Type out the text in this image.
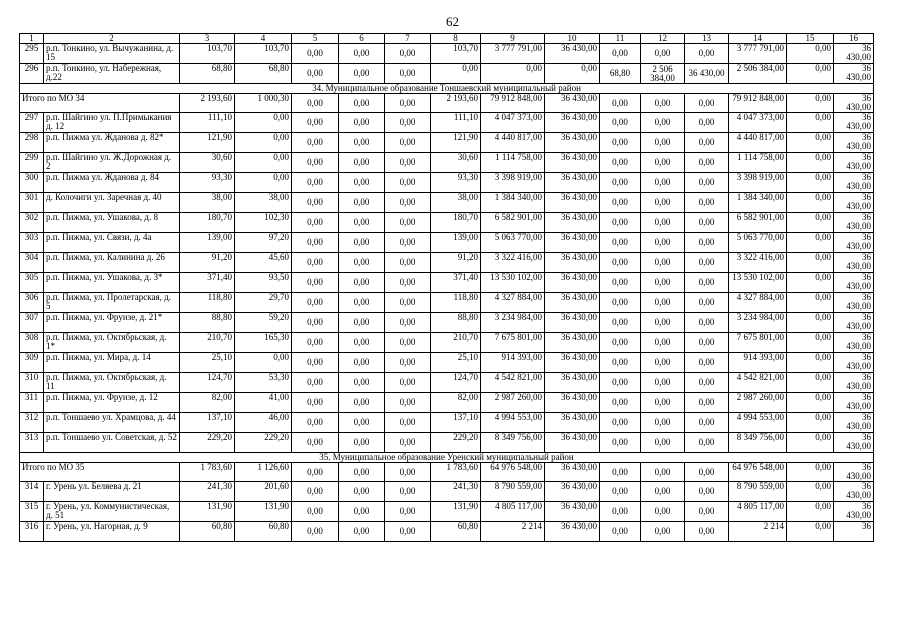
62
1	2	3	4	5	6	7	8	9	10	11	12	13	14	15	16
295	р.п. Тонкино, ул. Вычужанина, д. 15	103,70	103,70	0,00	0,00	0,00	103,70	3 777 791,00	36 430,00	0,00	0,00	0,00	3 777 791,00	0,00	36 430,00
296	р.п. Тонкино, ул. Набережная, д.22	68,80	68,80	0,00	0,00	0,00	0,00	0,00	0,00	68,80	2 506 384,00	36 430,00	2 506 384,00	0,00	36 430,00
34. Муниципальное образование Тоншаевский муниципальный район															
Итого по МО 34		2 193,60	1 000,30	0,00	0,00	0,00	2 193,60	79 912 848,00	36 430,00	0,00	0,00	0,00	79 912 848,00	0,00	36 430,00
297	р.п. Шайгино ул. П.Примыкания д. 12	111,10	0,00	0,00	0,00	0,00	111,10	4 047 373,00	36 430,00	0,00	0,00	0,00	4 047 373,00	0,00	36 430,00
298	р.п. Пижма ул. Жданова д. 82*	121,90	0,00	0,00	0,00	0,00	121,90	4 440 817,00	36 430,00	0,00	0,00	0,00	4 440 817,00	0,00	36 430,00
299	р.п. Шайгино ул. Ж.Дорожная д. 2	30,60	0,00	0,00	0,00	0,00	30,60	1 114 758,00	36 430,00	0,00	0,00	0,00	1 114 758,00	0,00	36 430,00
300	р.п. Пижма ул. Жданова д. 84	93,30	0,00	0,00	0,00	0,00	93,30	3 398 919,00	36 430,00	0,00	0,00	0,00	3 398 919,00	0,00	36 430,00
301	д. Колочиги ул. Заречная д. 40	38,00	38,00	0,00	0,00	0,00	38,00	1 384 340,00	36 430,00	0,00	0,00	0,00	1 384 340,00	0,00	36 430,00
302	р.п. Пижма, ул. Ушакова, д. 8	180,70	102,30	0,00	0,00	0,00	180,70	6 582 901,00	36 430,00	0,00	0,00	0,00	6 582 901,00	0,00	36 430,00
303	р.п. Пижма, ул. Связи, д. 4а	139,00	97,20	0,00	0,00	0,00	139,00	5 063 770,00	36 430,00	0,00	0,00	0,00	5 063 770,00	0,00	36 430,00
304	р.п. Пижма, ул. Калинина д. 26	91,20	45,60	0,00	0,00	0,00	91,20	3 322 416,00	36 430,00	0,00	0,00	0,00	3 322 416,00	0,00	36 430,00
305	р.п. Пижма, ул. Ушакова, д. 3*	371,40	93,50	0,00	0,00	0,00	371,40	13 530 102,00	36 430,00	0,00	0,00	0,00	13 530 102,00	0,00	36 430,00
306	р.п. Пижма, ул. Пролетарская, д. 5	118,80	29,70	0,00	0,00	0,00	118,80	4 327 884,00	36 430,00	0,00	0,00	0,00	4 327 884,00	0,00	36 430,00
307	р.п. Пижма, ул. Фрунзе, д. 21*	88,80	59,20	0,00	0,00	0,00	88,80	3 234 984,00	36 430,00	0,00	0,00	0,00	3 234 984,00	0,00	36 430,00
308	р.п. Пижма, ул. Октябрьская, д. 1*	210,70	165,30	0,00	0,00	0,00	210,70	7 675 801,00	36 430,00	0,00	0,00	0,00	7 675 801,00	0,00	36 430,00
309	р.п. Пижма, ул. Мира, д. 14	25,10	0,00	0,00	0,00	0,00	25,10	914 393,00	36 430,00	0,00	0,00	0,00	914 393,00	0,00	36 430,00
310	р.п. Пижма, ул. Октябрьская, д. 11	124,70	53,30	0,00	0,00	0,00	124,70	4 542 821,00	36 430,00	0,00	0,00	0,00	4 542 821,00	0,00	36 430,00
311	р.п. Пижма, ул. Фрунзе, д. 12	82,00	41,00	0,00	0,00	0,00	82,00	2 987 260,00	36 430,00	0,00	0,00	0,00	2 987 260,00	0,00	36 430,00
312	р.п. Тоншаево ул. Храмцова, д. 44	137,10	46,00	0,00	0,00	0,00	137,10	4 994 553,00	36 430,00	0,00	0,00	0,00	4 994 553,00	0,00	36 430,00
313	р.п. Тоншаево ул. Советская, д. 52	229,20	229,20	0,00	0,00	0,00	229,20	8 349 756,00	36 430,00	0,00	0,00	0,00	8 349 756,00	0,00	36 430,00
35. Муниципальное образование Уренский муниципальный район															
Итого по МО 35		1 783,60	1 126,60	0,00	0,00	0,00	1 783,60	64 976 548,00	36 430,00	0,00	0,00	0,00	64 976 548,00	0,00	36 430,00
314	г. Урень ул. Беляева д. 21	241,30	201,60	0,00	0,00	0,00	241,30	8 790 559,00	36 430,00	0,00	0,00	0,00	8 790 559,00	0,00	36 430,00
315	г. Урень, ул. Коммунистическая, д. 51	131,90	131,90	0,00	0,00	0,00	131,90	4 805 117,00	36 430,00	0,00	0,00	0,00	4 805 117,00	0,00	36 430,00
316	г. Урень, ул. Нагорная, д. 9	60,80	60,80	0,00	0,00	0,00	60,80	2 214	36 430,00	0,00	0,00	0,00	2 214	0,00	36
